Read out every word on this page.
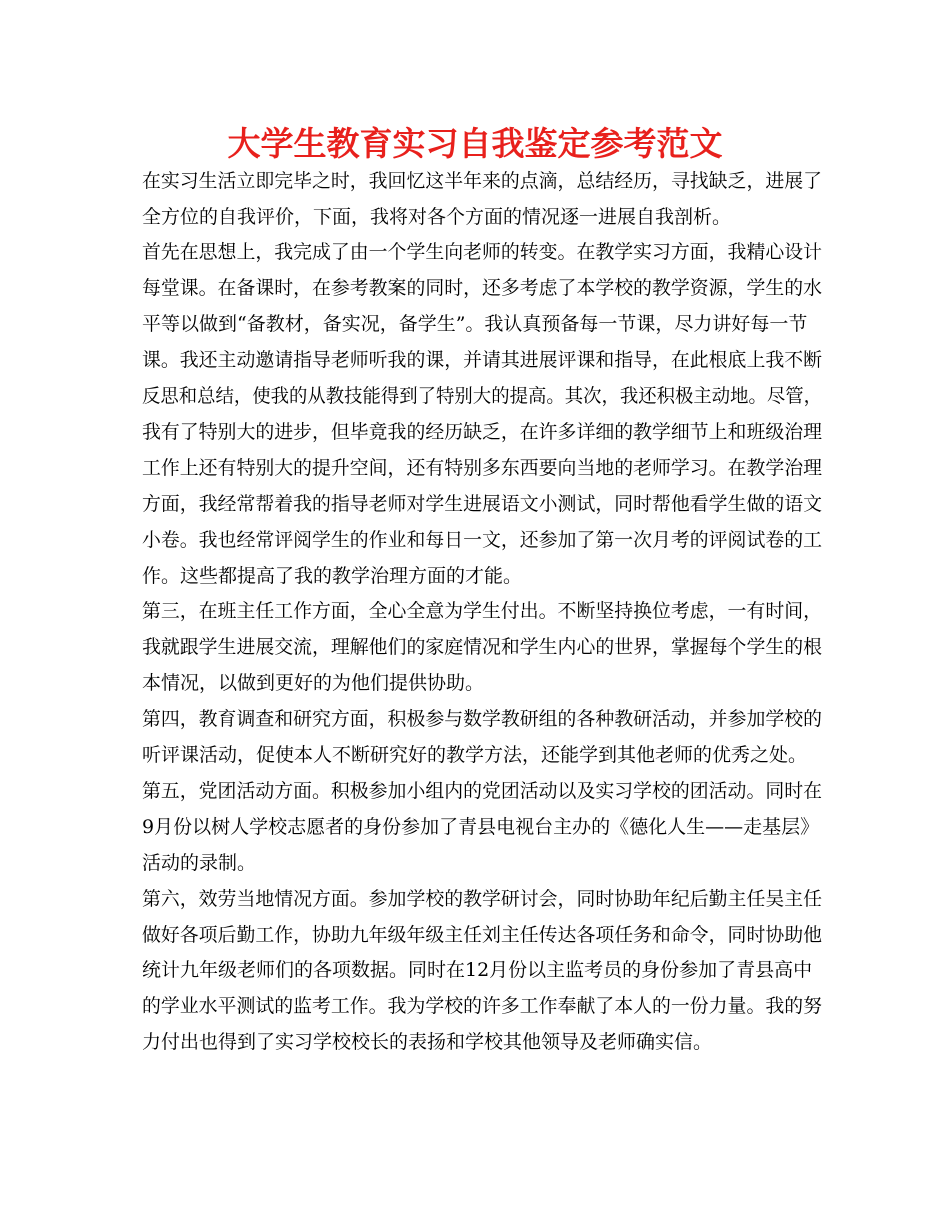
大学生教育实习自我鉴定参考范文

在实习生活立即完毕之时，我回忆这半年来的点滴，总结经历，寻找缺乏，进展了

全方位的自我评价，下面，我将对各个方面的情况逐一进展自我剖析。

首先在思想上，我完成了由一个学生向老师的转变。在教学实习方面，我精心设计

每堂课。在备课时，在参考教案的同时，还多考虑了本学校的教学资源，学生的水

平等以做到“备教材，备实况，备学生”。我认真预备每一节课，尽力讲好每一节

课。我还主动邀请指导老师听我的课，并请其进展评课和指导，在此根底上我不断

反思和总结，使我的从教技能得到了特别大的提高。其次，我还积极主动地。尽管，

我有了特别大的进步，但毕竟我的经历缺乏，在许多详细的教学细节上和班级治理

工作上还有特别大的提升空间，还有特别多东西要向当地的老师学习。在教学治理

方面，我经常帮着我的指导老师对学生进展语文小测试，同时帮他看学生做的语文

小卷。我也经常评阅学生的作业和每日一文，还参加了第一次月考的评阅试卷的工

作。这些都提高了我的教学治理方面的才能。

第三，在班主任工作方面，全心全意为学生付出。不断坚持换位考虑，一有时间，

我就跟学生进展交流，理解他们的家庭情况和学生内心的世界，掌握每个学生的根

本情况，以做到更好的为他们提供协助。

第四，教育调查和研究方面，积极参与数学教研组的各种教研活动，并参加学校的

听评课活动，促使本人不断研究好的教学方法，还能学到其他老师的优秀之处。

第五，党团活动方面。积极参加小组内的党团活动以及实习学校的团活动。同时在

9月份以树人学校志愿者的身份参加了青县电视台主办的《德化人生——走基层》

活动的录制。

第六，效劳当地情况方面。参加学校的教学研讨会，同时协助年纪后勤主任吴主任

做好各项后勤工作，协助九年级年级主任刘主任传达各项任务和命令，同时协助他

统计九年级老师们的各项数据。同时在12月份以主监考员的身份参加了青县高中

的学业水平测试的监考工作。我为学校的许多工作奉献了本人的一份力量。我的努

力付出也得到了实习学校校长的表扬和学校其他领导及老师确实信。
